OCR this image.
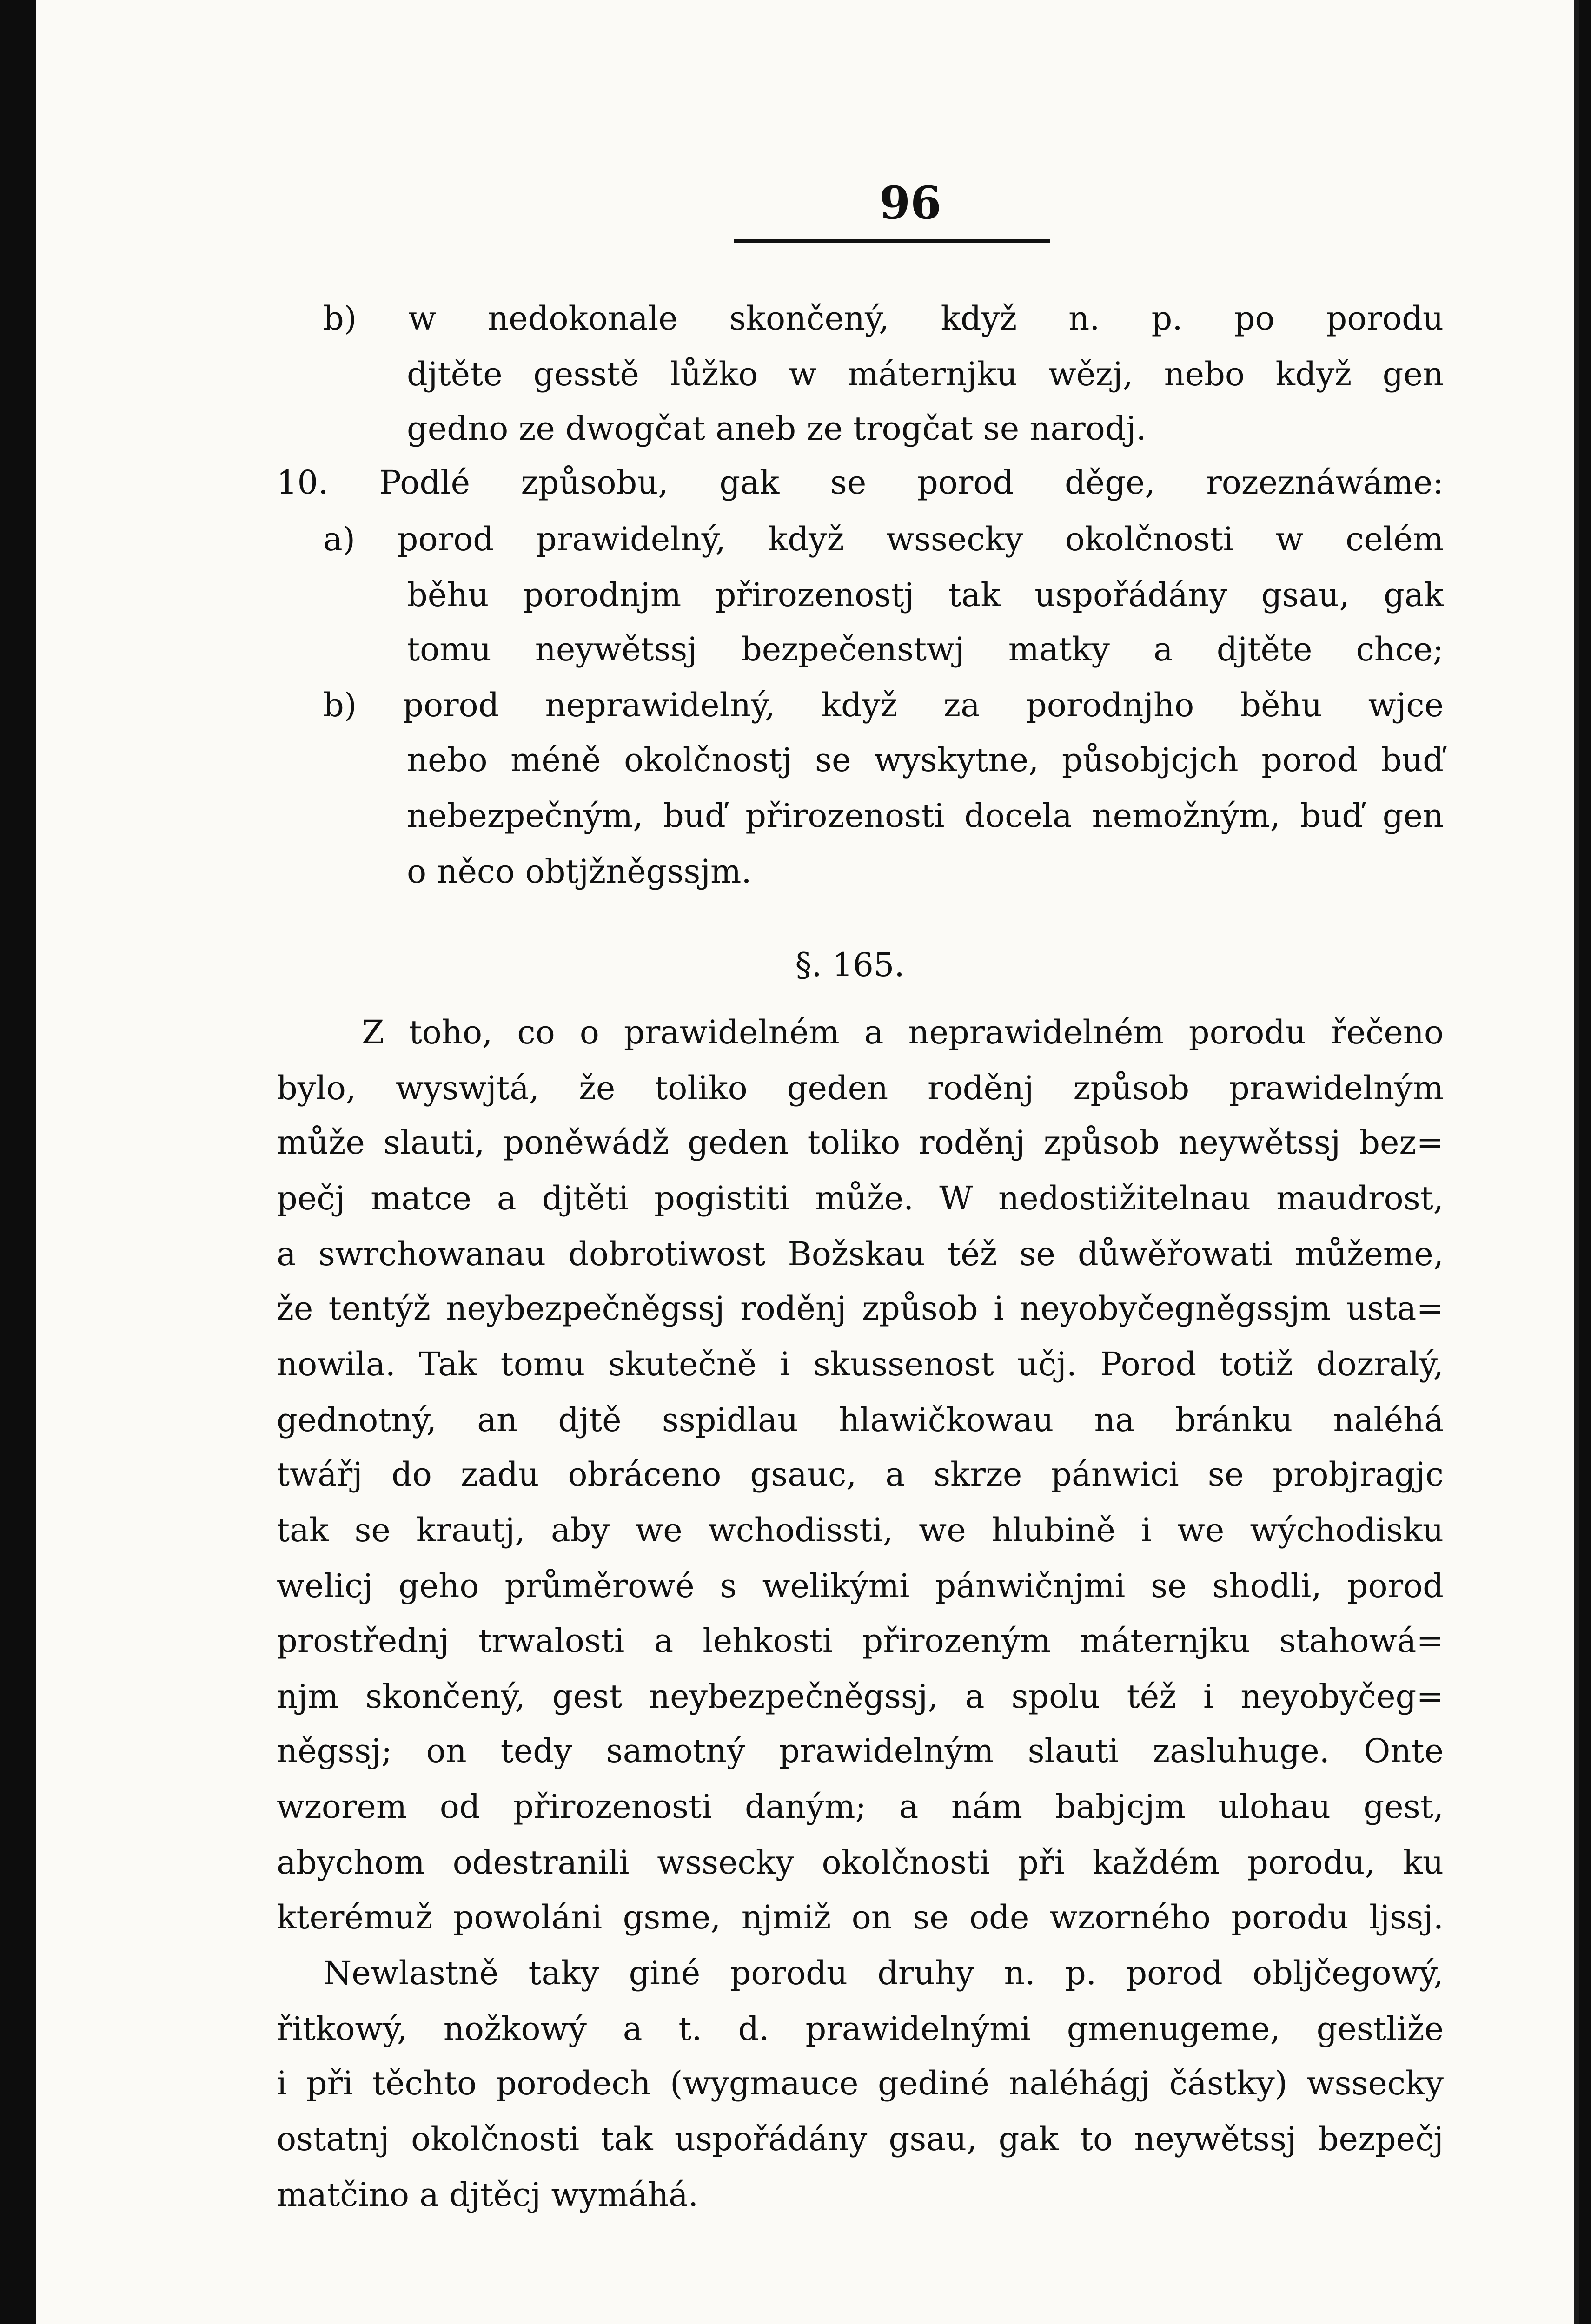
96
b) w nedokonale skončený, když n. p. po porodu
djtěte gesstě lůžko w máternjku wězj, nebo když gen
gedno ze dwogčat aneb ze trogčat se narodj.
10. Podlé způsobu, gak se porod děge, rozeznáwáme:
a) porod prawidelný, když wssecky okolčnosti w celém
běhu porodnjm přirozenostj tak uspořádány gsau, gak
tomu neywětssj bezpečenstwj matky a djtěte chce;
b) porod neprawidelný, když za porodnjho běhu wjce
nebo méně okolčnostj se wyskytne, působjcjch porod buď
nebezpečným, buď přirozenosti docela nemožným, buď gen
o něco obtjžněgssjm.
§. 165.
Z toho, co o prawidelném a neprawidelném porodu řečeno
bylo, wyswjtá, že toliko geden roděnj způsob prawidelným
může slauti, poněwádž geden toliko roděnj způsob neywětssj bez=
pečj matce a djtěti pogistiti může. W nedostižitelnau maudrost,
a swrchowanau dobrotiwost Božskau též se důwěřowati můžeme,
že tentýž neybezpečněgssj roděnj způsob i neyobyčegněgssjm usta=
nowila. Tak tomu skutečně i skussenost učj. Porod totiž dozralý,
gednotný, an djtě sspidlau hlawičkowau na bránku naléhá
twářj do zadu obráceno gsauc, a skrze pánwici se probjragjc
tak se krautj, aby we wchodissti, we hlubině i we wýchodisku
welicj geho průměrowé s welikými pánwičnjmi se shodli, porod
prostřednj trwalosti a lehkosti přirozeným máternjku stahowá=
njm skončený, gest neybezpečněgssj, a spolu též i neyobyčeg=
něgssj; on tedy samotný prawidelným slauti zasluhuge. Onte
wzorem od přirozenosti daným; a nám babjcjm ulohau gest,
abychom odestranili wssecky okolčnosti při každém porodu, ku
kterémuž powoláni gsme, njmiž on se ode wzorného porodu ljssj.
Newlastně taky giné porodu druhy n. p. porod obljčegowý,
řitkowý, nožkowý a t. d. prawidelnými gmenugeme, gestliže
i při těchto porodech (wygmauce gediné naléhágj částky) wssecky
ostatnj okolčnosti tak uspořádány gsau, gak to neywětssj bezpečj
matčino a djtěcj wymáhá.
